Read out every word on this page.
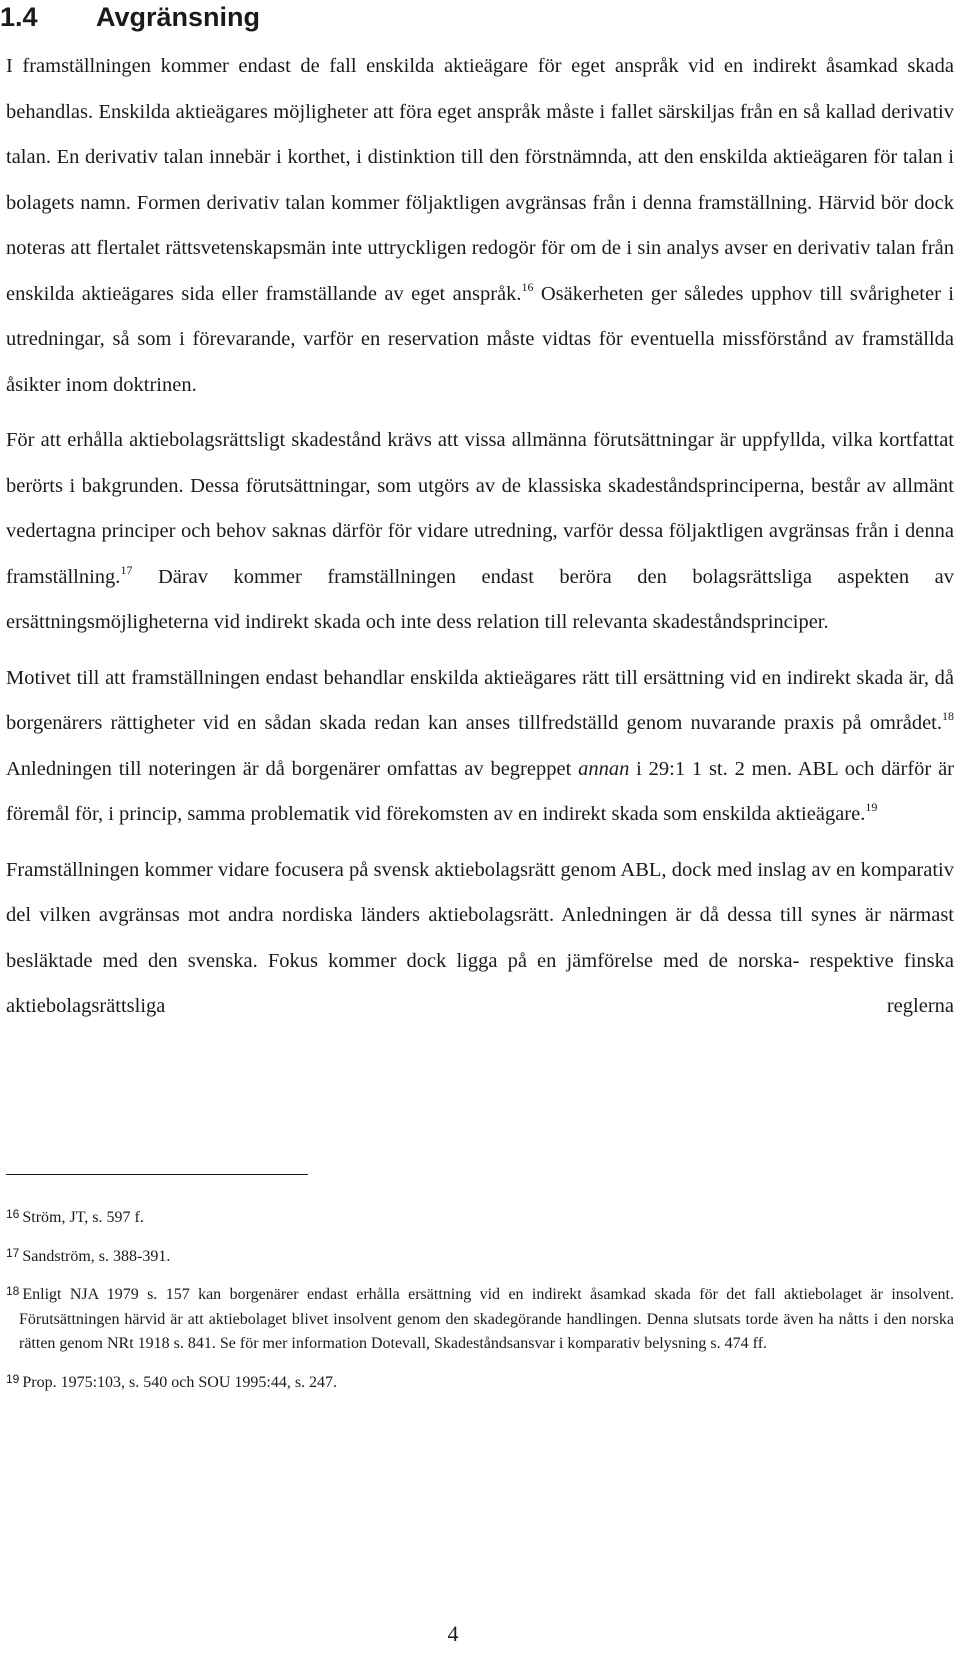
1.4 Avgränsning

I framställningen kommer endast de fall enskilda aktieägare för eget anspråk vid en indirekt åsamkad skada behandlas. Enskilda aktieägares möjligheter att föra eget anspråk måste i fallet särskiljas från en så kallad derivativ talan. En derivativ talan innebär i korthet, i distinktion till den förstnämnda, att den enskilda aktieägaren för talan i bolagets namn. Formen derivativ talan kommer följaktligen avgränsas från i denna framställning. Härvid bör dock noteras att flertalet rättsvetenskapsmän inte uttryckligen redogör för om de i sin analys avser en derivativ talan från enskilda aktieägares sida eller framställande av eget anspråk.$^{16}$ Osäkerheten ger således upphov till svårigheter i utredningar, så som i förevarande, varför en reservation måste vidtas för eventuella missförstånd av framställda åsikter inom doktrinen.

För att erhålla aktiebolagsrättsligt skadestånd krävs att vissa allmänna förutsättningar är uppfyllda, vilka kortfattat berörts i bakgrunden. Dessa förutsättningar, som utgörs av de klassiska skadeståndsprinciperna, består av allmänt vedertagna principer och behov saknas därför för vidare utredning, varför dessa följaktligen avgränsas från i denna framställning.$^{17}$ Därav kommer framställningen endast beröra den bolagsrättsliga aspekten av ersättningsmöjligheterna vid indirekt skada och inte dess relation till relevanta skadeståndsprinciper.

Motivet till att framställningen endast behandlar enskilda aktieägares rätt till ersättning vid en indirekt skada är, då borgenärers rättigheter vid en sådan skada redan kan anses tillfredställd genom nuvarande praxis på området.$^{18}$ Anledningen till noteringen är då borgenärer omfattas av begreppet annan i 29:1 1 st. 2 men. ABL och därför är föremål för, i princip, samma problematik vid förekomsten av en indirekt skada som enskilda aktieägare.$^{19}$

Framställningen kommer vidare focusera på svensk aktiebolagsrätt genom ABL, dock med inslag av en komparativ del vilken avgränsas mot andra nordiska länders aktiebolagsrätt. Anledningen är då dessa till synes är närmast besläktade med den svenska. Fokus kommer dock ligga på en jämförelse med de norska- respektive finska aktiebolagsrättsliga reglerna

$^{16}$ Ström, JT, s. 597 f.
$^{17}$ Sandström, s. 388-391.
$^{18}$ Enligt NJA 1979 s. 157 kan borgenärer endast erhålla ersättning vid en indirekt åsamkad skada för det fall aktiebolaget är insolvent. Förutsättningen härvid är att aktiebolaget blivet insolvent genom den skadegörande handlingen. Denna slutsats torde även ha nåtts i den norska rätten genom NRt 1918 s. 841. Se för mer information Dotevall, Skadeståndsansvar i komparativ belysning s. 474 ff.
$^{19}$ Prop. 1975:103, s. 540 och SOU 1995:44, s. 247.
4
